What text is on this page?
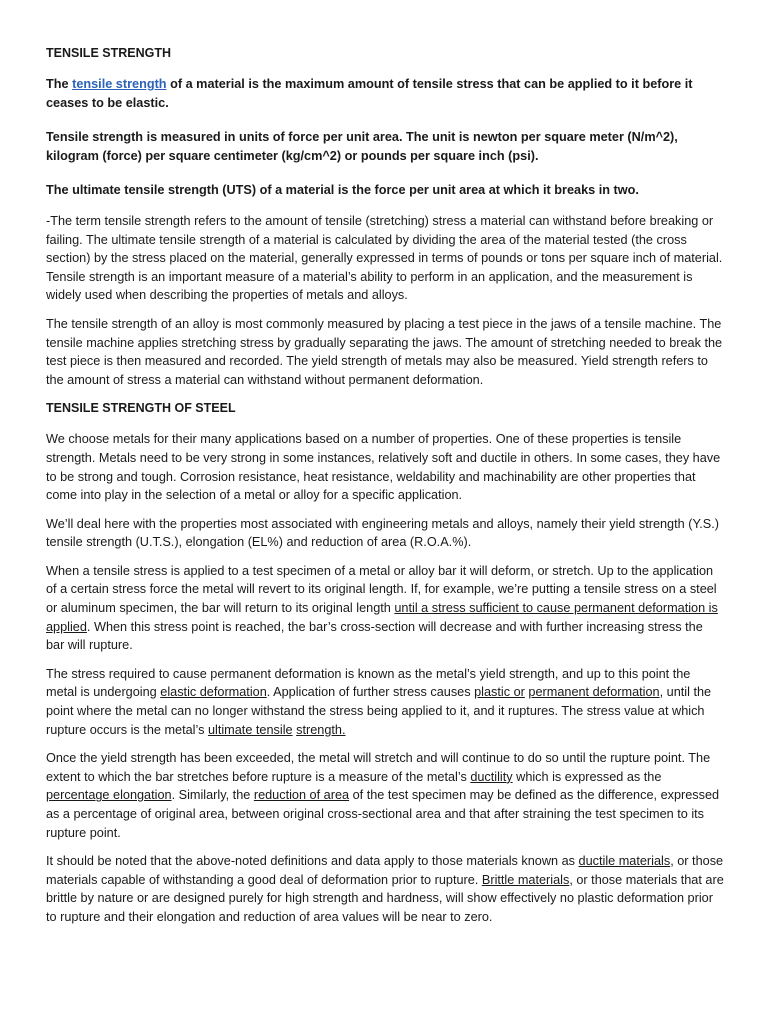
TENSILE STRENGTH

The tensile strength of a material is the maximum amount of tensile stress that can be applied to it before it ceases to be elastic.

Tensile strength is measured in units of force per unit area. The unit is newton per square meter (N/m^2), kilogram (force) per square centimeter (kg/cm^2) or pounds per square inch (psi).

The ultimate tensile strength (UTS) of a material is the force per unit area at which it breaks in two.

-The term tensile strength refers to the amount of tensile (stretching) stress a material can withstand before breaking or failing. The ultimate tensile strength of a material is calculated by dividing the area of the material tested (the cross section) by the stress placed on the material, generally expressed in terms of pounds or tons per square inch of material. Tensile strength is an important measure of a material’s ability to perform in an application, and the measurement is widely used when describing the properties of metals and alloys.

The tensile strength of an alloy is most commonly measured by placing a test piece in the jaws of a tensile machine. The tensile machine applies stretching stress by gradually separating the jaws. The amount of stretching needed to break the test piece is then measured and recorded. The yield strength of metals may also be measured. Yield strength refers to the amount of stress a material can withstand without permanent deformation.

TENSILE STRENGTH OF STEEL

We choose metals for their many applications based on a number of properties. One of these properties is tensile strength. Metals need to be very strong in some instances, relatively soft and ductile in others. In some cases, they have to be strong and tough. Corrosion resistance, heat resistance, weldability and machinability are other properties that come into play in the selection of a metal or alloy for a specific application.

We’ll deal here with the properties most associated with engineering metals and alloys, namely their yield strength (Y.S.) tensile strength (U.T.S.), elongation (EL%) and reduction of area (R.O.A.%).

When a tensile stress is applied to a test specimen of a metal or alloy bar it will deform, or stretch. Up to the application of a certain stress force the metal will revert to its original length. If, for example, we’re putting a tensile stress on a steel or aluminum specimen, the bar will return to its original length until a stress sufficient to cause permanent deformation is applied. When this stress point is reached, the bar’s cross-section will decrease and with further increasing stress the bar will rupture.

The stress required to cause permanent deformation is known as the metal’s yield strength, and up to this point the metal is undergoing elastic deformation. Application of further stress causes plastic or permanent deformation, until the point where the metal can no longer withstand the stress being applied to it, and it ruptures. The stress value at which rupture occurs is the metal’s ultimate tensile strength.

Once the yield strength has been exceeded, the metal will stretch and will continue to do so until the rupture point. The extent to which the bar stretches before rupture is a measure of the metal’s ductility which is expressed as the percentage elongation. Similarly, the reduction of area of the test specimen may be defined as the difference, expressed as a percentage of original area, between original cross-sectional area and that after straining the test specimen to its rupture point.

It should be noted that the above-noted definitions and data apply to those materials known as ductile materials, or those materials capable of withstanding a good deal of deformation prior to rupture. Brittle materials, or those materials that are brittle by nature or are designed purely for high strength and hardness, will show effectively no plastic deformation prior to rupture and their elongation and reduction of area values will be near to zero.
